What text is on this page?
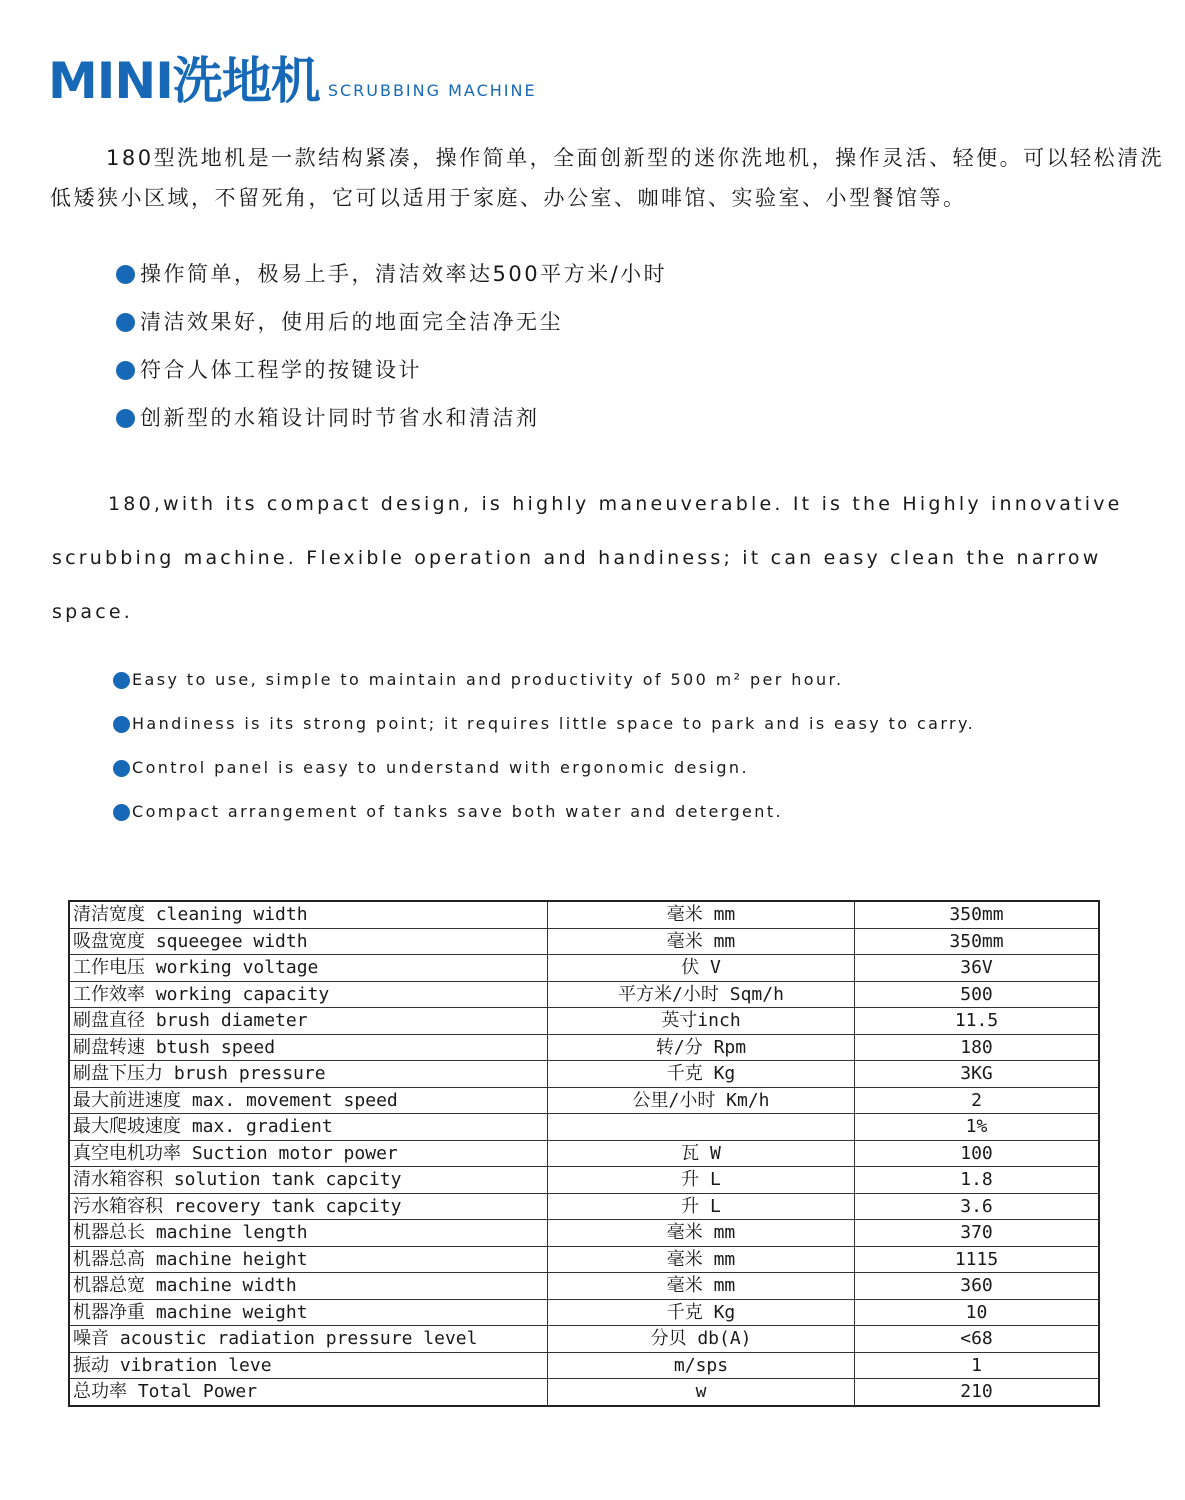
MINI洗地机 SCRUBBING MACHINE

180型洗地机是一款结构紧凑，操作简单，全面创新型的迷你洗地机，操作灵活、轻便。可以轻松清洗低矮狭小区域，不留死角，它可以适用于家庭、办公室、咖啡馆、实验室、小型餐馆等。

操作简单，极易上手，清洁效率达500平方米/小时
清洁效果好，使用后的地面完全洁净无尘
符合人体工程学的按键设计
创新型的水箱设计同时节省水和清洁剂

180,with its compact design, is highly maneuverable. It is the Highly innovative scrubbing machine. Flexible operation and handiness; it can easy clean the narrow space.

Easy to use, simple to maintain and productivity of 500 m² per hour.
Handiness is its strong point; it requires little space to park and is easy to carry.
Control panel is easy to understand with ergonomic design.
Compact arrangement of tanks save both water and detergent.
清洁宽度 cleaning width	毫米 mm	350mm
吸盘宽度 squeegee width	毫米 mm	350mm
工作电压 working voltage	伏 V	36V
工作效率 working capacity	平方米/小时 Sqm/h	500
刷盘直径 brush diameter	英寸inch	11.5
刷盘转速 btush speed	转/分 Rpm	180
刷盘下压力 brush pressure	千克 Kg	3KG
最大前进速度 max. movement speed	公里/小时 Km/h	2
最大爬坡速度 max. gradient		1%
真空电机功率 Suction motor power	瓦 W	100
清水箱容积 solution tank capcity	升 L	1.8
污水箱容积 recovery tank capcity	升 L	3.6
机器总长 machine length	毫米 mm	370
机器总高 machine height	毫米 mm	1115
机器总宽 machine width	毫米 mm	360
机器净重 machine weight	千克 Kg	10
噪音 acoustic radiation pressure level	分贝 db(A)	<68
振动 vibration leve	m/sps	1
总功率 Total Power	w	210
